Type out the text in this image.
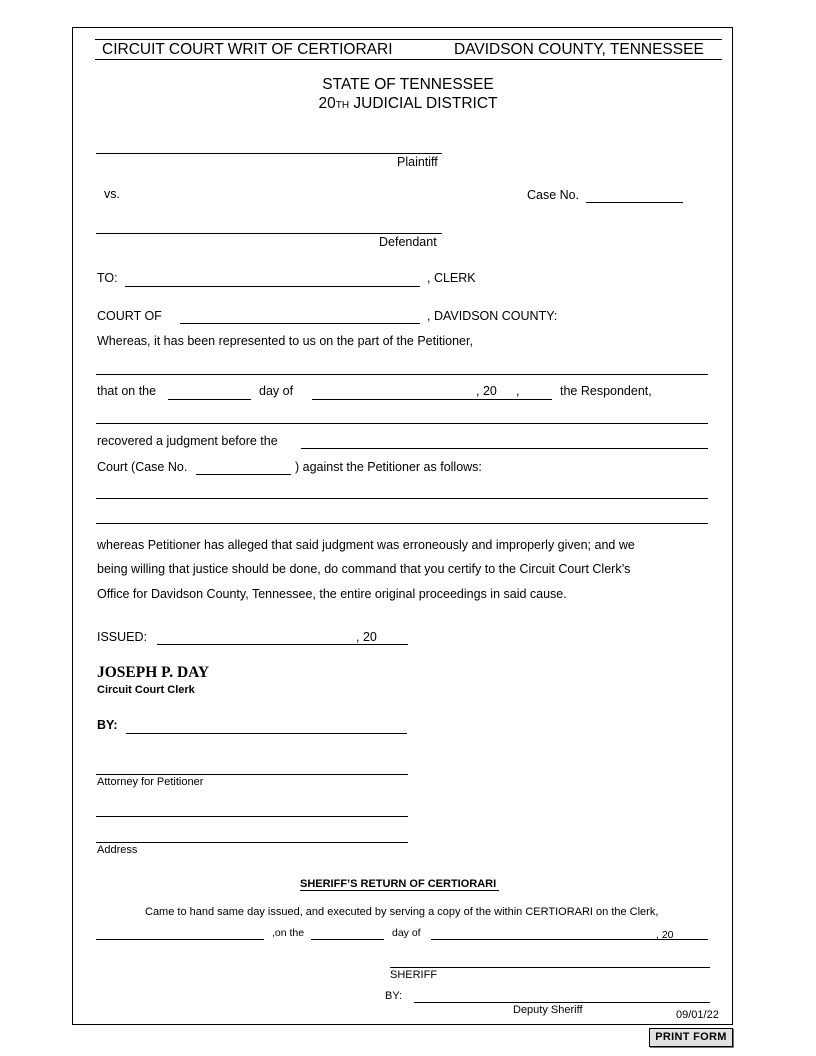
CIRCUIT COURT WRIT OF CERTIORARI	DAVIDSON COUNTY, TENNESSEE
STATE OF TENNESSEE
20TH JUDICIAL DISTRICT
Plaintiff
vs.	Case No.
Defendant
TO:	, CLERK
COURT OF	, DAVIDSON COUNTY:
Whereas, it has been represented to us on the part of the Petitioner,
that on the	day of	, 20 ,	the Respondent,
recovered a judgment before the
Court (Case No.	) against the Petitioner as follows:
whereas Petitioner has alleged that said judgment was erroneously and improperly given; and we
being willing that justice should be done, do command that you certify to the Circuit Court Clerk’s
Office for Davidson County, Tennessee, the entire original proceedings in said cause.
ISSUED:	, 20
JOSEPH P. DAY
Circuit Court Clerk
BY:
Attorney for Petitioner
Address
SHERIFF’S RETURN OF CERTIORARI
Came to hand same day issued, and executed by serving a copy of the within CERTIORARI on the Clerk,
,on the	day of	, 20
SHERIFF
BY:
Deputy Sheriff	09/01/22
PRINT FORM
